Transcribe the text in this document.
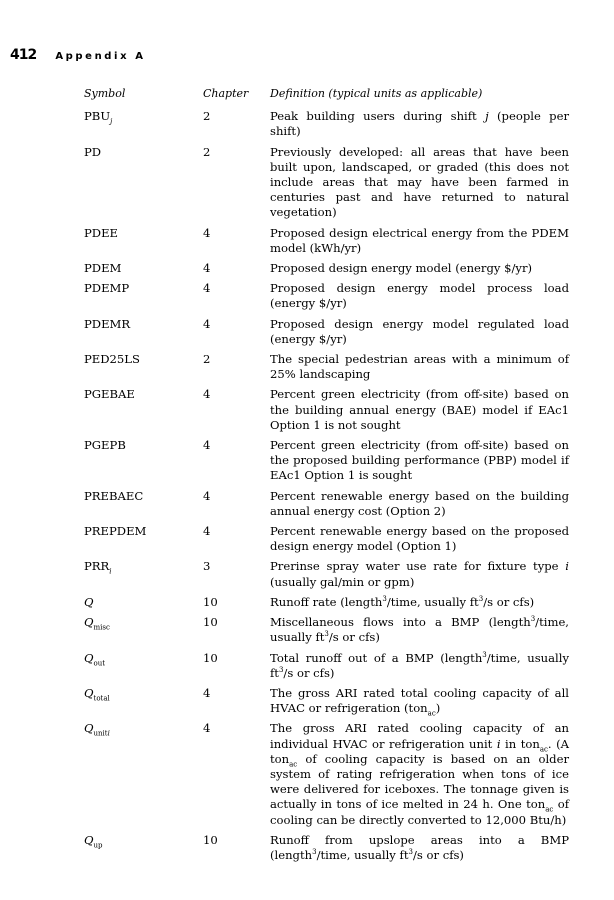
412 Appendix A
Symbol	Chapter	Definition (typical units as applicable)
$PBU_j$	2	Peak building users during shift j (people per shift)
PD	2	Previously developed: all areas that have been built upon, landscaped, or graded (this does not include areas that may have been farmed in centuries past and have returned to natural vegetation)
PDEE	4	Proposed design electrical energy from the PDEM model (kWh/yr)
PDEM	4	Proposed design energy model (energy $/yr)
PDEMP	4	Proposed design energy model process load (energy $/yr)
PDEMR	4	Proposed design energy model regulated load (energy $/yr)
PED25LS	2	The special pedestrian areas with a minimum of 25% landscaping
PGEBAE	4	Percent green electricity (from off-site) based on the building annual energy (BAE) model if EAc1 Option 1 is not sought
PGEPB	4	Percent green electricity (from off-site) based on the proposed building performance (PBP) model if EAc1 Option 1 is sought
PREBAEC	4	Percent renewable energy based on the building annual energy cost (Option 2)
PREPDEM	4	Percent renewable energy based on the proposed design energy model (Option 1)
$PRR_i$	3	Prerinse spray water use rate for fixture type i (usually gal/min or gpm)
Q	10	Runoff rate (length$^3$/time, usually $ft^3/s$ or cfs)
$Q_{misc}$	10	Miscellaneous flows into a BMP (length$^3$/time, usually $ft^3/s$ or cfs)
$Q_{out}$	10	Total runoff out of a BMP (length$^3$/time, usually $ft^3/s$ or cfs)
$Q_{total}$	4	The gross ARI rated total cooling capacity of all HVAC or refrigeration (ton$_{ac}$)
$Q_{uniti}$	4	The gross ARI rated cooling capacity of an individual HVAC or refrigeration unit i in ton$_{ac}$. (A ton$_{ac}$ of cooling capacity is based on an older system of rating refrigeration when tons of ice were delivered for iceboxes. The tonnage given is actually in tons of ice melted in 24 h. One ton$_{ac}$ of cooling can be directly converted to 12,000 Btu/h)
$Q_{up}$	10	Runoff from upslope areas into a BMP (length$^3$/time, usually $ft^3/s$ or cfs)
